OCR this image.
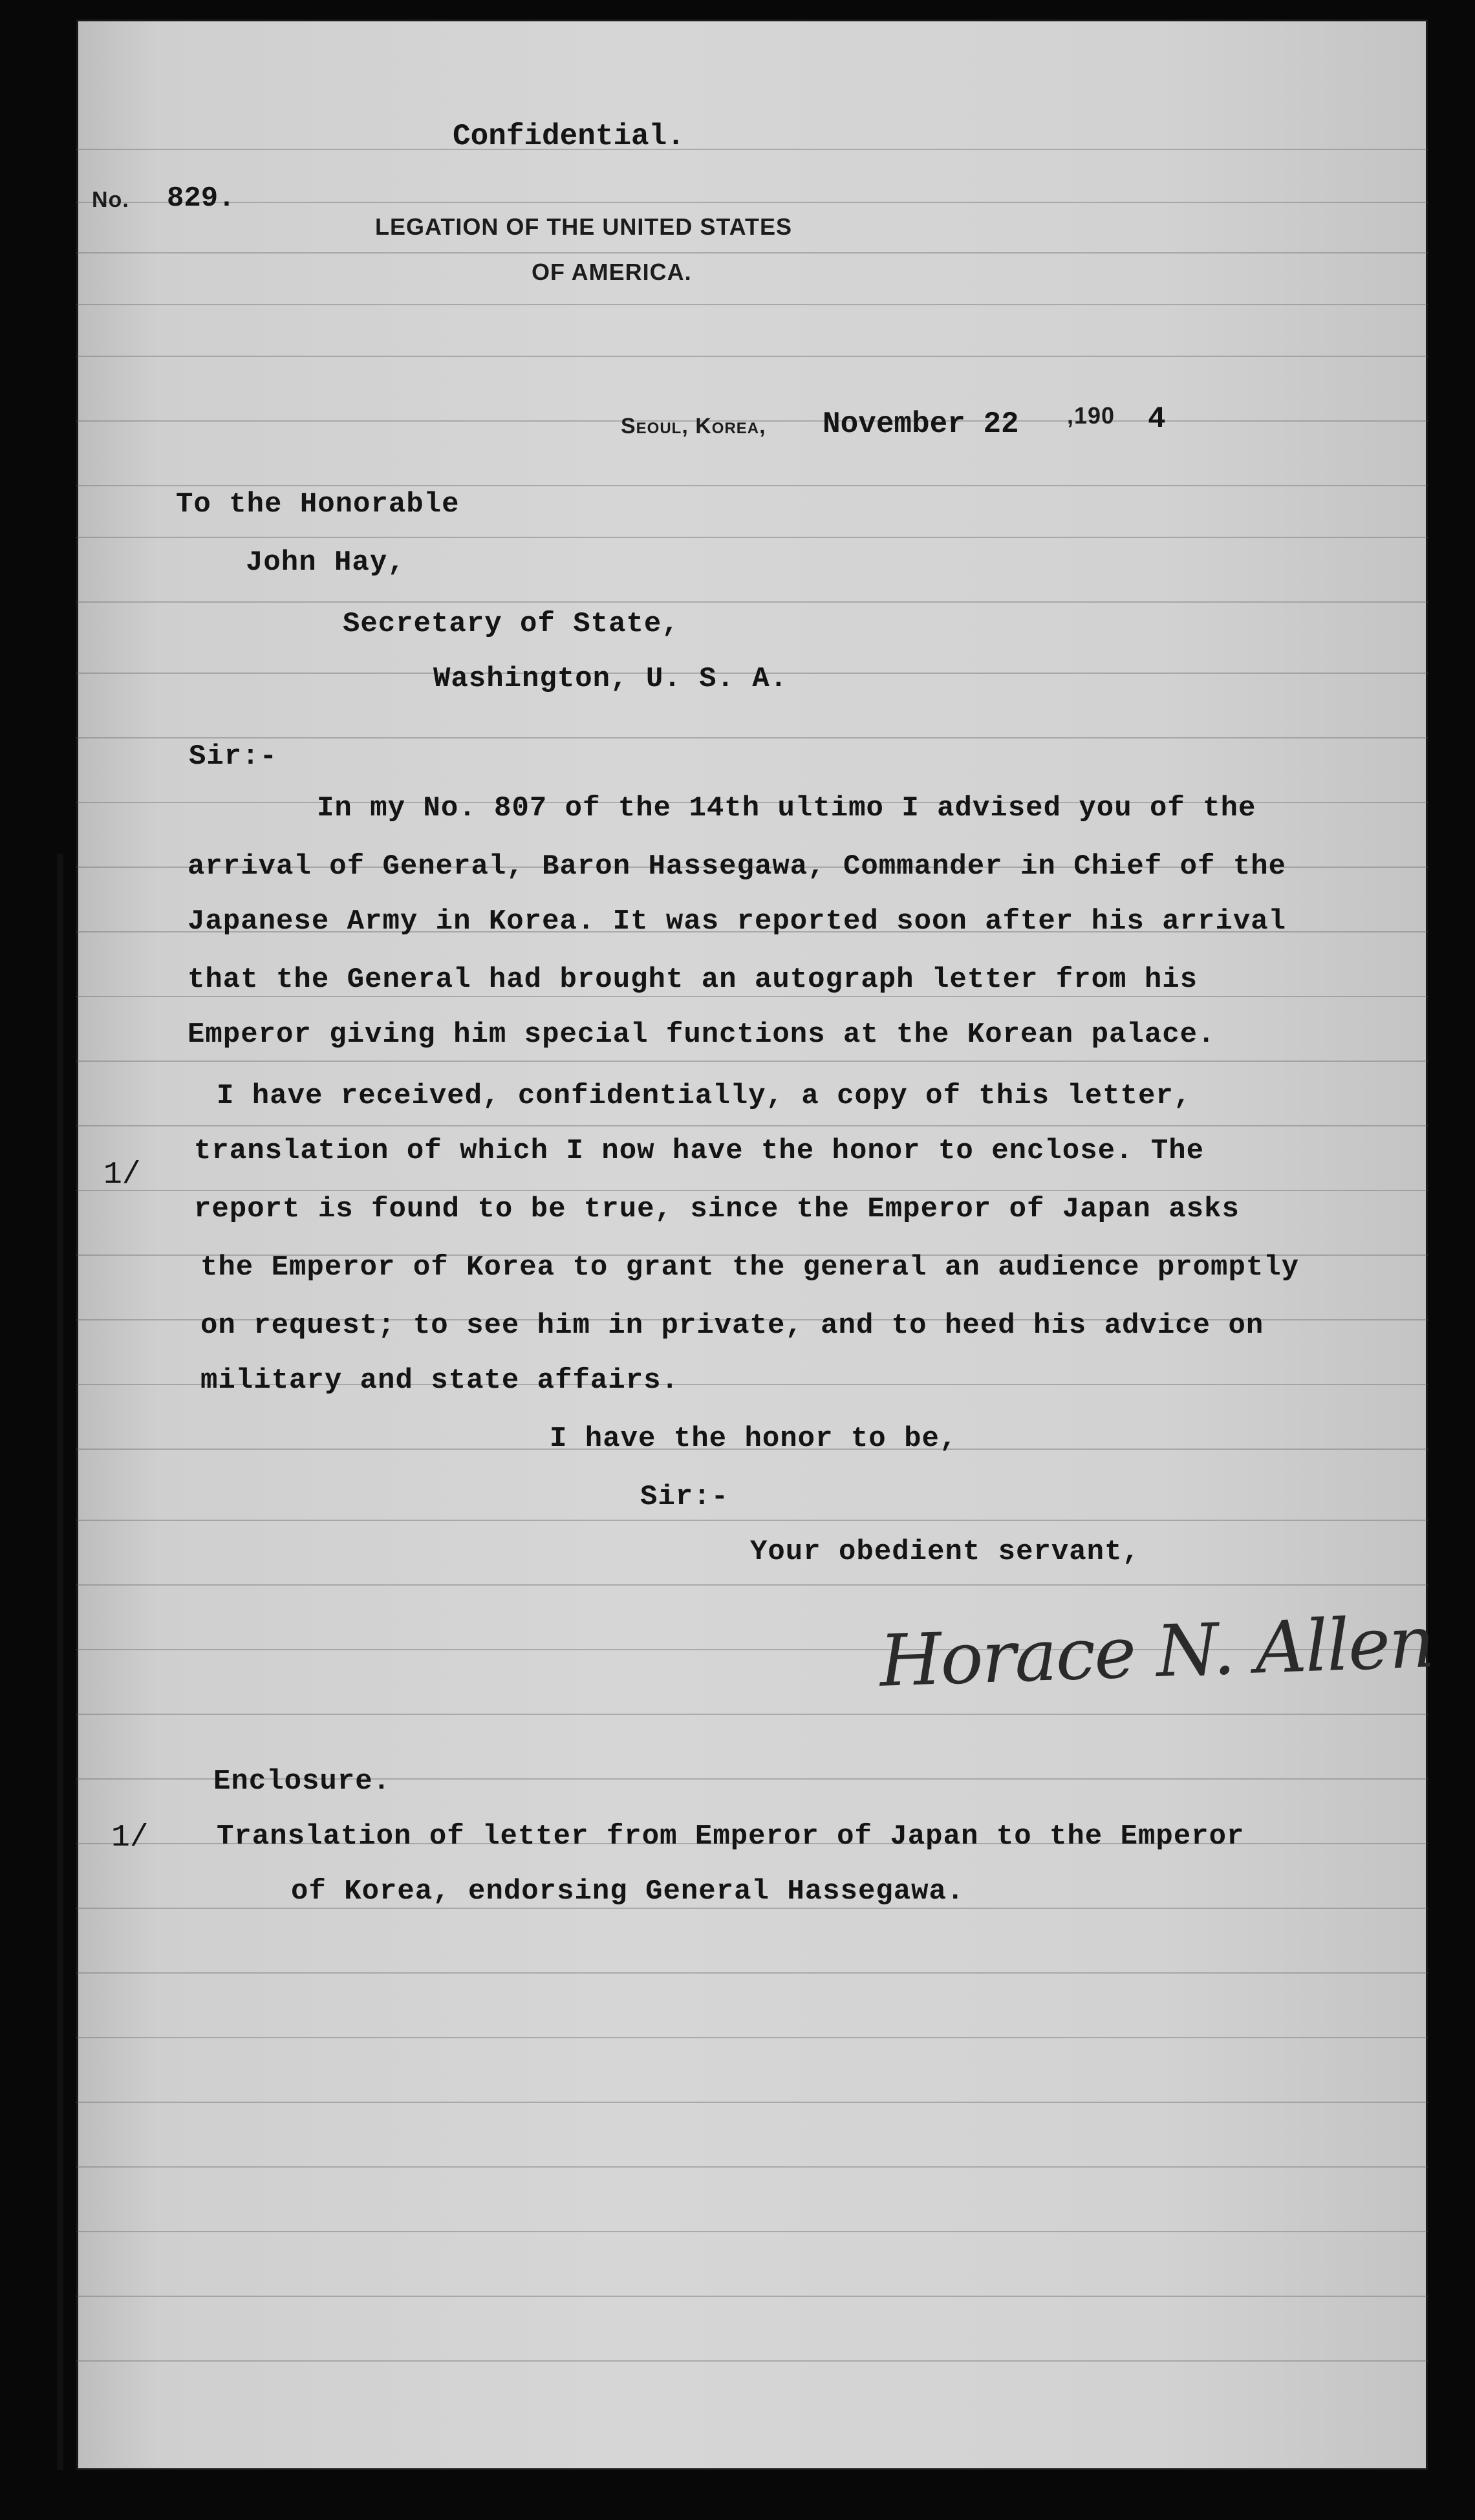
Confidential.
No. 829.
LEGATION OF THE UNITED STATES
OF AMERICA.
Seoul, Korea, November 22 ,190 4
To the Honorable
John Hay,
Secretary of State,
Washington, U. S. A.
Sir:-
In my No. 807 of the 14th ultimo I advised you of the
arrival of General, Baron Hassegawa, Commander in Chief of the
Japanese Army in Korea. It was reported soon after his arrival
that the General had brought an autograph letter from his
Emperor giving him special functions at the Korean palace.
I have received, confidentially, a copy of this letter,
translation of which I now have the honor to enclose. The
report is found to be true, since the Emperor of Japan asks
the Emperor of Korea to grant the general an audience promptly
on request; to see him in private, and to heed his advice on
military and state affairs.
1/
I have the honor to be,
Sir:-
Your obedient servant,
Horace N. Allen
Enclosure.
1/ Translation of letter from Emperor of Japan to the Emperor
of Korea, endorsing General Hassegawa.
